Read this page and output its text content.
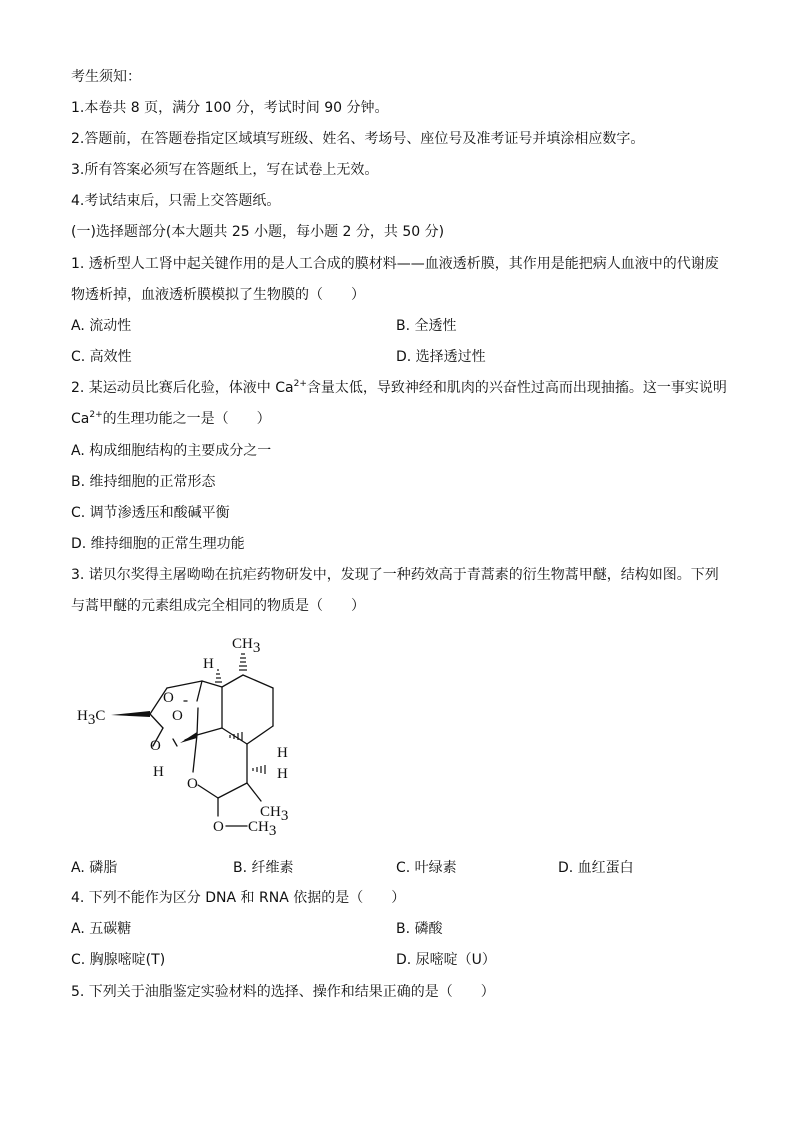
考生须知：
1.本卷共 8 页，满分 100 分，考试时间 90 分钟。
2.答题前，在答题卷指定区域填写班级、姓名、考场号、座位号及准考证号并填涂相应数字。
3.所有答案必须写在答题纸上，写在试卷上无效。
4.考试结束后，只需上交答题纸。
(一)选择题部分(本大题共 25 小题，每小题 2 分，共 50 分)
1. 透析型人工肾中起关键作用的是人工合成的膜材料——血液透析膜，其作用是能把病人血液中的代谢废
物透析掉，血液透析膜模拟了生物膜的（　　）
A. 流动性	B. 全透性
C. 高效性	D. 选择透过性
2. 某运动员比赛后化验，体液中 $Ca^{2+}$含量太低，导致神经和肌肉的兴奋性过高而出现抽搐。这一事实说明
$Ca^{2+}$的生理功能之一是（　　）
A. 构成细胞结构的主要成分之一
B. 维持细胞的正常形态
C. 调节渗透压和酸碱平衡
D. 维持细胞的正常生理功能
3. 诺贝尔奖得主屠呦呦在抗疟药物研发中，发现了一种药效高于青蒿素的衍生物蒿甲醚，结构如图。下列
与蒿甲醚的元素组成完全相同的物质是（　　）
CH3
H
H3C
O
O
O	H
H	H
O
CH3
O CH3
A. 磷脂	B. 纤维素	C. 叶绿素	D. 血红蛋白
4. 下列不能作为区分 DNA 和 RNA 依据的是（　　）
A. 五碳糖	B. 磷酸
C. 胸腺嘧啶(T)	D. 尿嘧啶（U）
5. 下列关于油脂鉴定实验材料的选择、操作和结果正确的是（　　）
